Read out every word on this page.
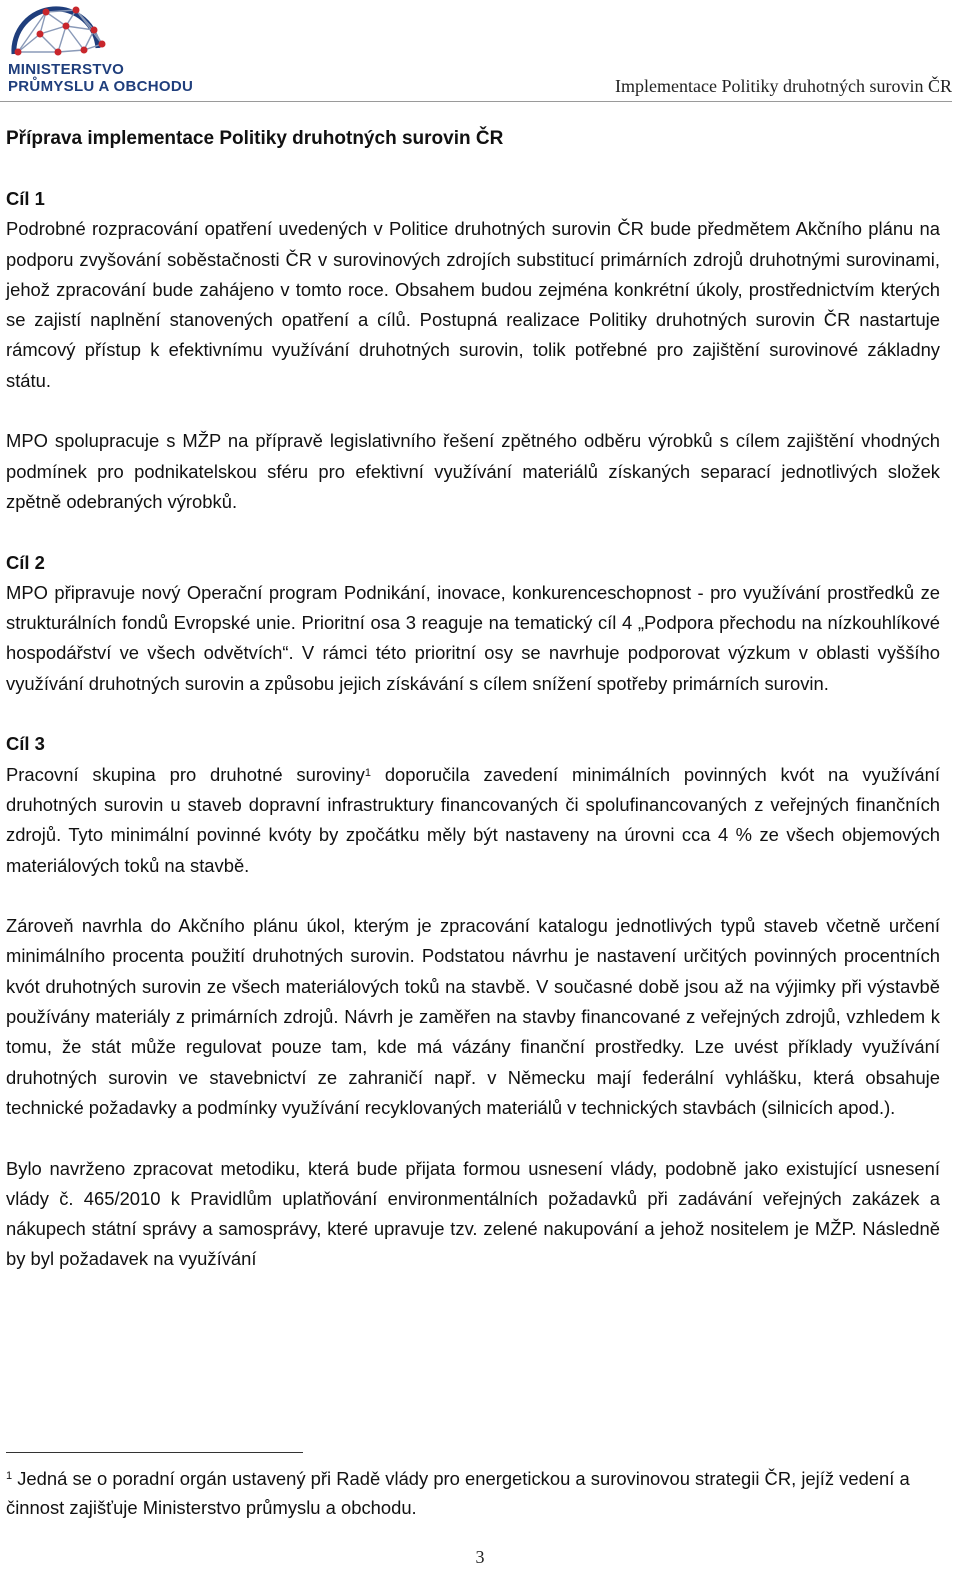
MINISTERSTVO
PRŮMYSLU A OBCHODU	Implementace Politiky druhotných surovin ČR
Příprava implementace Politiky druhotných surovin ČR
Cíl 1

Podrobné rozpracování opatření uvedených v Politice druhotných surovin ČR bude předmětem Akčního plánu na podporu zvyšování soběstačnosti ČR v surovinových zdrojích substitucí primárních zdrojů druhotnými surovinami, jehož zpracování bude zahájeno v tomto roce. Obsahem budou zejména konkrétní úkoly, prostřednictvím kterých se zajistí naplnění stanovených opatření a cílů. Postupná realizace Politiky druhotných surovin ČR nastartuje rámcový přístup k efektivnímu využívání druhotných surovin, tolik potřebné pro zajištění surovinové základny státu.

MPO spolupracuje s MŽP na přípravě legislativního řešení zpětného odběru výrobků s cílem zajištění vhodných podmínek pro podnikatelskou sféru pro efektivní využívání materiálů získaných separací jednotlivých složek zpětně odebraných výrobků.

Cíl 2

MPO připravuje nový Operační program Podnikání, inovace, konkurenceschopnost - pro využívání prostředků ze strukturálních fondů Evropské unie. Prioritní osa 3 reaguje na tematický cíl 4 „Podpora přechodu na nízkouhlíkové hospodářství ve všech odvětvích“. V rámci této prioritní osy se navrhuje podporovat výzkum v oblasti vyššího využívání druhotných surovin a způsobu jejich získávání s cílem snížení spotřeby primárních surovin.

Cíl 3

Pracovní skupina pro druhotné suroviny$^1$ doporučila zavedení minimálních povinných kvót na využívání druhotných surovin u staveb dopravní infrastruktury financovaných či spolufinancovaných z veřejných finančních zdrojů. Tyto minimální povinné kvóty by zpočátku měly být nastaveny na úrovni cca 4 % ze všech objemových materiálových toků na stavbě.

Zároveň navrhla do Akčního plánu úkol, kterým je zpracování katalogu jednotlivých typů staveb včetně určení minimálního procenta použití druhotných surovin. Podstatou návrhu je nastavení určitých povinných procentních kvót druhotných surovin ze všech materiálových toků na stavbě. V současné době jsou až na výjimky při výstavbě používány materiály z primárních zdrojů. Návrh je zaměřen na stavby financované z veřejných zdrojů, vzhledem k tomu, že stát může regulovat pouze tam, kde má vázány finanční prostředky. Lze uvést příklady využívání druhotných surovin ve stavebnictví ze zahraničí např. v Německu mají federální vyhlášku, která obsahuje technické požadavky a podmínky využívání recyklovaných materiálů v technických stavbách (silnicích apod.).

Bylo navrženo zpracovat metodiku, která bude přijata formou usnesení vlády, podobně jako existující usnesení vlády č. 465/2010 k Pravidlům uplatňování environmentálních požadavků při zadávání veřejných zakázek a nákupech státní správy a samosprávy, které upravuje tzv. zelené nakupování a jehož nositelem je MŽP. Následně by byl požadavek na využívání

$^1$ Jedná se o poradní orgán ustavený při Radě vlády pro energetickou a surovinovou strategii ČR, jejíž vedení a činnost zajišťuje Ministerstvo průmyslu a obchodu.
3
